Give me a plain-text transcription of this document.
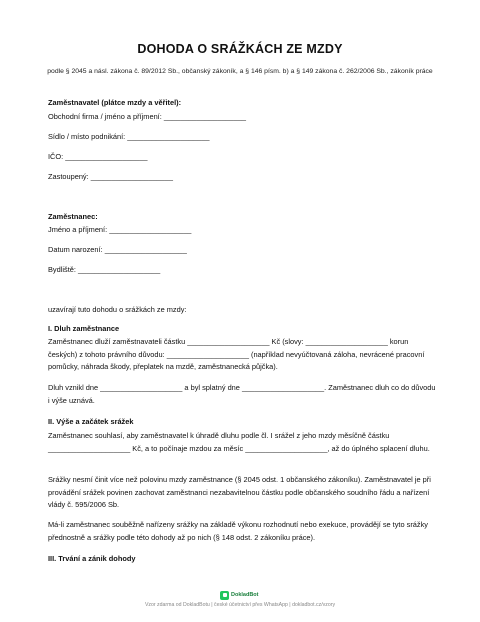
DOHODA O SRÁŽKÁCH ZE MZDY
podle § 2045 a násl. zákona č. 89/2012 Sb., občanský zákoník, a § 146 písm. b) a § 149 zákona č. 262/2006 Sb., zákoník práce
Zaměstnavatel (plátce mzdy a věřitel):
Obchodní firma / jméno a příjmení: ____________________
Sídlo / místo podnikání: ____________________
IČO: ____________________
Zastoupený: ____________________
Zaměstnanec:
Jméno a příjmení: ____________________
Datum narození: ____________________
Bydliště: ____________________
uzavírají tuto dohodu o srážkách ze mzdy:
I. Dluh zaměstnance
Zaměstnanec dluží zaměstnavateli částku ____________________ Kč (slovy: ____________________ korun českých) z tohoto právního důvodu: ____________________ (například nevyúčtovaná záloha, nevrácené pracovní pomůcky, náhrada škody, přeplatek na mzdě, zaměstnanecká půjčka).
Dluh vznikl dne ____________________ a byl splatný dne ____________________. Zaměstnanec dluh co do důvodu i výše uznává.
II. Výše a začátek srážek
Zaměstnanec souhlasí, aby zaměstnavatel k úhradě dluhu podle čl. I srážel z jeho mzdy měsíčně částku ____________________ Kč, a to počínaje mzdou za měsíc ____________________, až do úplného splacení dluhu.
Srážky nesmí činit více než polovinu mzdy zaměstnance (§ 2045 odst. 1 občanského zákoníku). Zaměstnavatel je při provádění srážek povinen zachovat zaměstnanci nezabavitelnou částku podle občanského soudního řádu a nařízení vlády č. 595/2006 Sb.
Má-li zaměstnanec souběžně nařízeny srážky na základě výkonu rozhodnutí nebo exekuce, provádějí se tyto srážky přednostně a srážky podle této dohody až po nich (§ 148 odst. 2 zákoníku práce).
III. Trvání a zánik dohody
DokladBot
Vzor zdarma od DokladBotu | české účetnictví přes WhatsApp | dokladbot.cz/vzory
